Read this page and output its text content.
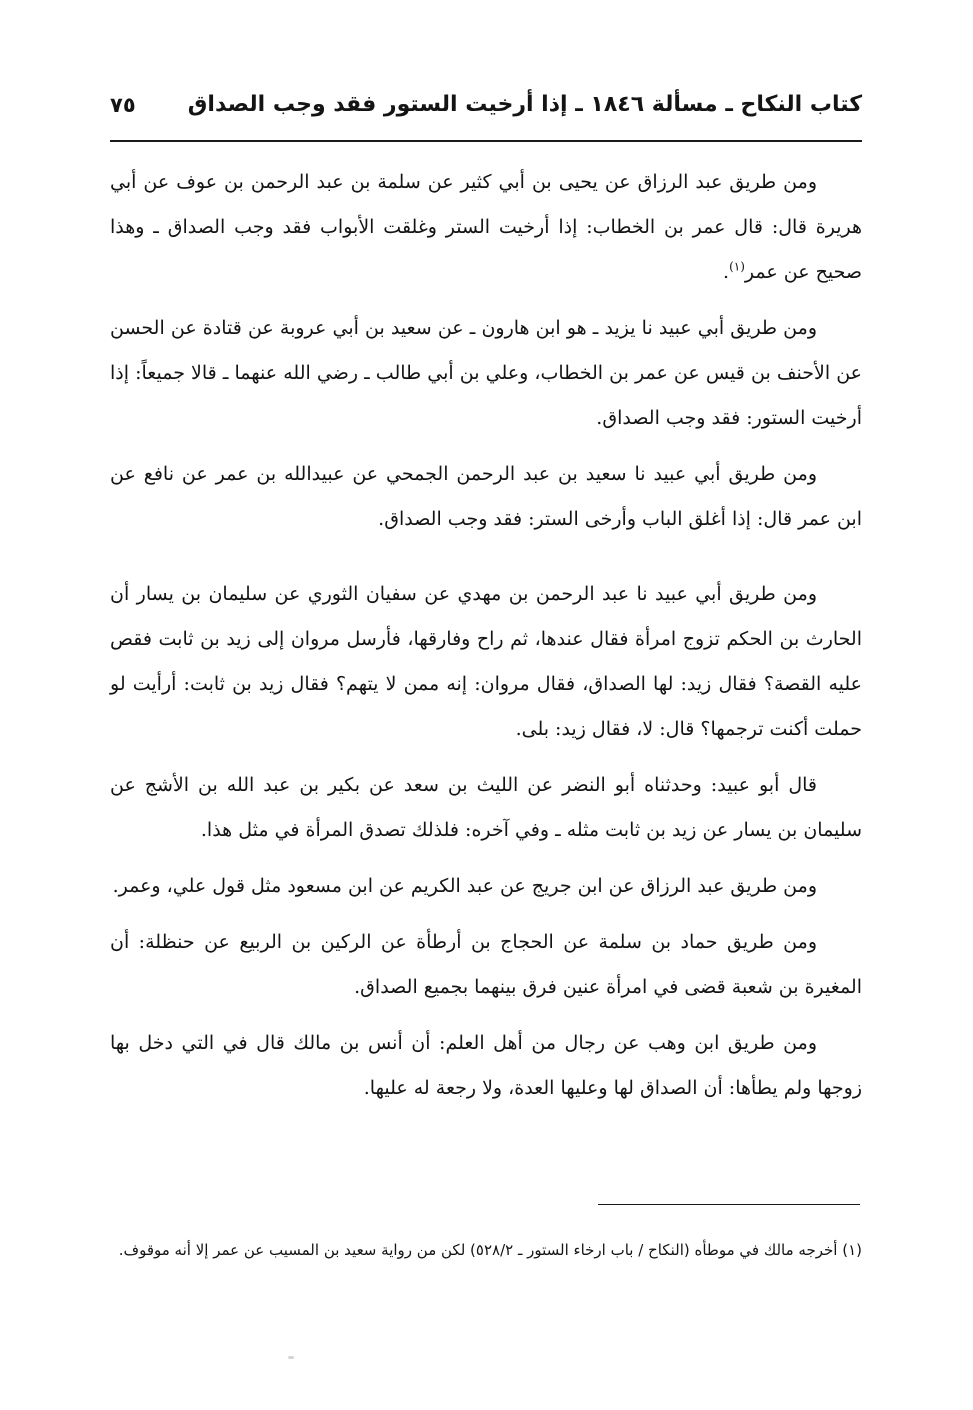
كتاب النكاح ـ مسألة ١٨٤٦ ـ إذا أرخيت الستور فقد وجب الصداق
٧٥

ومن طريق عبد الرزاق عن يحيى بن أبي كثير عن سلمة بن عبد الرحمن بن عوف عن أبي هريرة قال: قال عمر بن الخطاب: إذا أرخيت الستر وغلقت الأبواب فقد وجب الصداق ـ وهذا صحيح عن عمر$^{(١)}$.

ومن طريق أبي عبيد نا يزيد ـ هو ابن هارون ـ عن سعيد بن أبي عروبة عن قتادة عن الحسن عن الأحنف بن قيس عن عمر بن الخطاب، وعلي بن أبي طالب ـ رضي الله عنهما ـ قالا جميعاً: إذا أرخيت الستور: فقد وجب الصداق.

ومن طريق أبي عبيد نا سعيد بن عبد الرحمن الجمحي عن عبيدالله بن عمر عن نافع عن ابن عمر قال: إذا أغلق الباب وأرخى الستر: فقد وجب الصداق.

ومن طريق أبي عبيد نا عبد الرحمن بن مهدي عن سفيان الثوري عن سليمان بن يسار أن الحارث بن الحكم تزوج امرأة فقال عندها، ثم راح وفارقها، فأرسل مروان إلى زيد بن ثابت فقص عليه القصة؟ فقال زيد: لها الصداق، فقال مروان: إنه ممن لا يتهم؟ فقال زيد بن ثابت: أرأيت لو حملت أكنت ترجمها؟ قال: لا، فقال زيد: بلى.

قال أبو عبيد: وحدثناه أبو النضر عن الليث بن سعد عن بكير بن عبد الله بن الأشج عن سليمان بن يسار عن زيد بن ثابت مثله ـ وفي آخره: فلذلك تصدق المرأة في مثل هذا.

ومن طريق عبد الرزاق عن ابن جريج عن عبد الكريم عن ابن مسعود مثل قول علي، وعمر.

ومن طريق حماد بن سلمة عن الحجاج بن أرطأة عن الركين بن الربيع عن حنظلة: أن المغيرة بن شعبة قضى في امرأة عنين فرق بينهما بجميع الصداق.

ومن طريق ابن وهب عن رجال من أهل العلم: أن أنس بن مالك قال في التي دخل بها زوجها ولم يطأها: أن الصداق لها وعليها العدة، ولا رجعة له عليها.

(١) أخرجه مالك في موطأه (النكاح / باب ارخاء الستور ـ ٥٢٨/٢) لكن من رواية سعيد بن المسيب عن عمر إلا أنه موقوف.
